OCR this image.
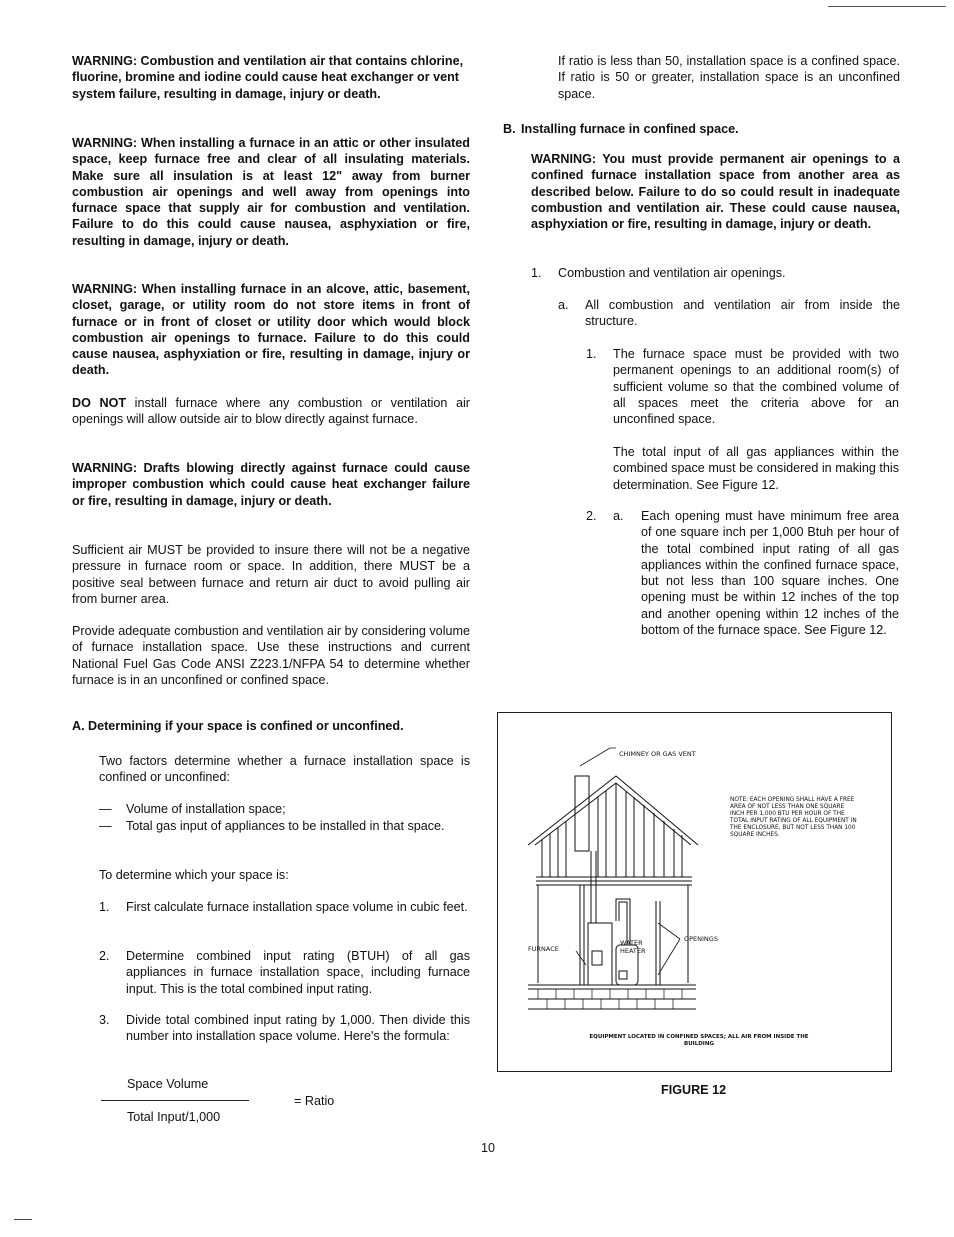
WARNING: Combustion and ventilation air that contains chlorine, fluorine, bromine and iodine could cause heat exchanger or vent system failure, resulting in damage, injury or death.

WARNING: When installing a furnace in an attic or other insulated space, keep furnace free and clear of all insulating materials. Make sure all insulation is at least 12" away from burner combustion air openings and well away from openings into furnace space that supply air for combustion and ventilation. Failure to do this could cause nausea, asphyxiation or fire, resulting in damage, injury or death.

WARNING: When installing furnace in an alcove, attic, basement, closet, garage, or utility room do not store items in front of furnace or in front of closet or utility door which would block combustion air openings to furnace. Failure to do this could cause nausea, asphyxiation or fire, resulting in damage, injury or death.

DO NOT install furnace where any combustion or ventilation air openings will allow outside air to blow directly against furnace.

WARNING: Drafts blowing directly against furnace could cause improper combustion which could cause heat exchanger failure or fire, resulting in damage, injury or death.

Sufficient air MUST be provided to insure there will not be a negative pressure in furnace room or space. In addition, there MUST be a positive seal between furnace and return air duct to avoid pulling air from burner area.

Provide adequate combustion and ventilation air by considering volume of furnace installation space. Use these instructions and current National Fuel Gas Code ANSI Z223.1/NFPA 54 to determine whether furnace is in an unconfined or confined space.

A. Determining if your space is confined or unconfined.

Two factors determine whether a furnace installation space is confined or unconfined:

— Volume of installation space;
— Total gas input of appliances to be installed in that space.

To determine which your space is:

1. First calculate furnace installation space volume in cubic feet.
2. Determine combined input rating (BTUH) of all gas appliances in furnace installation space, including furnace input. This is the total combined input rating.
3. Divide total combined input rating by 1,000. Then divide this number into installation space volume. Here's the formula:
Space Volume
= Ratio
Total Input/1,000

If ratio is less than 50, installation space is a confined space. If ratio is 50 or greater, installation space is an unconfined space.

B. Installing furnace in confined space.

WARNING: You must provide permanent air openings to a confined furnace installation space from another area as described below. Failure to do so could result in inadequate combustion and ventilation air. These could cause nausea, asphyxiation or fire, resulting in damage, injury or death.

1. Combustion and ventilation air openings.
a. All combustion and ventilation air from inside the structure.
1. The furnace space must be provided with two permanent openings to an additional room(s) of sufficient volume so that the combined volume of all spaces meet the criteria above for an unconfined space.

The total input of all gas appliances within the combined space must be considered in making this determination. See Figure 12.

2. a. Each opening must have minimum free area of one square inch per 1,000 Btuh per hour of the total combined input rating of all gas appliances within the confined furnace space, but not less than 100 square inches. One opening must be within 12 inches of the top and another opening within 12 inches of the bottom of the furnace space. See Figure 12.
CHIMNEY OR GAS VENT
NOTE: EACH OPENING SHALL HAVE A FREE AREA OF NOT LESS THAN ONE SQUARE INCH PER 1,000 BTU PER HOUR OF THE TOTAL INPUT RATING OF ALL EQUIPMENT IN THE ENCLOSURE, BUT NOT LESS THAN 100 SQUARE INCHES.
FURNACE
WATER HEATER
OPENINGS
EQUIPMENT LOCATED IN CONFINED SPACES; ALL AIR FROM INSIDE THE BUILDING
FIGURE 12
10
